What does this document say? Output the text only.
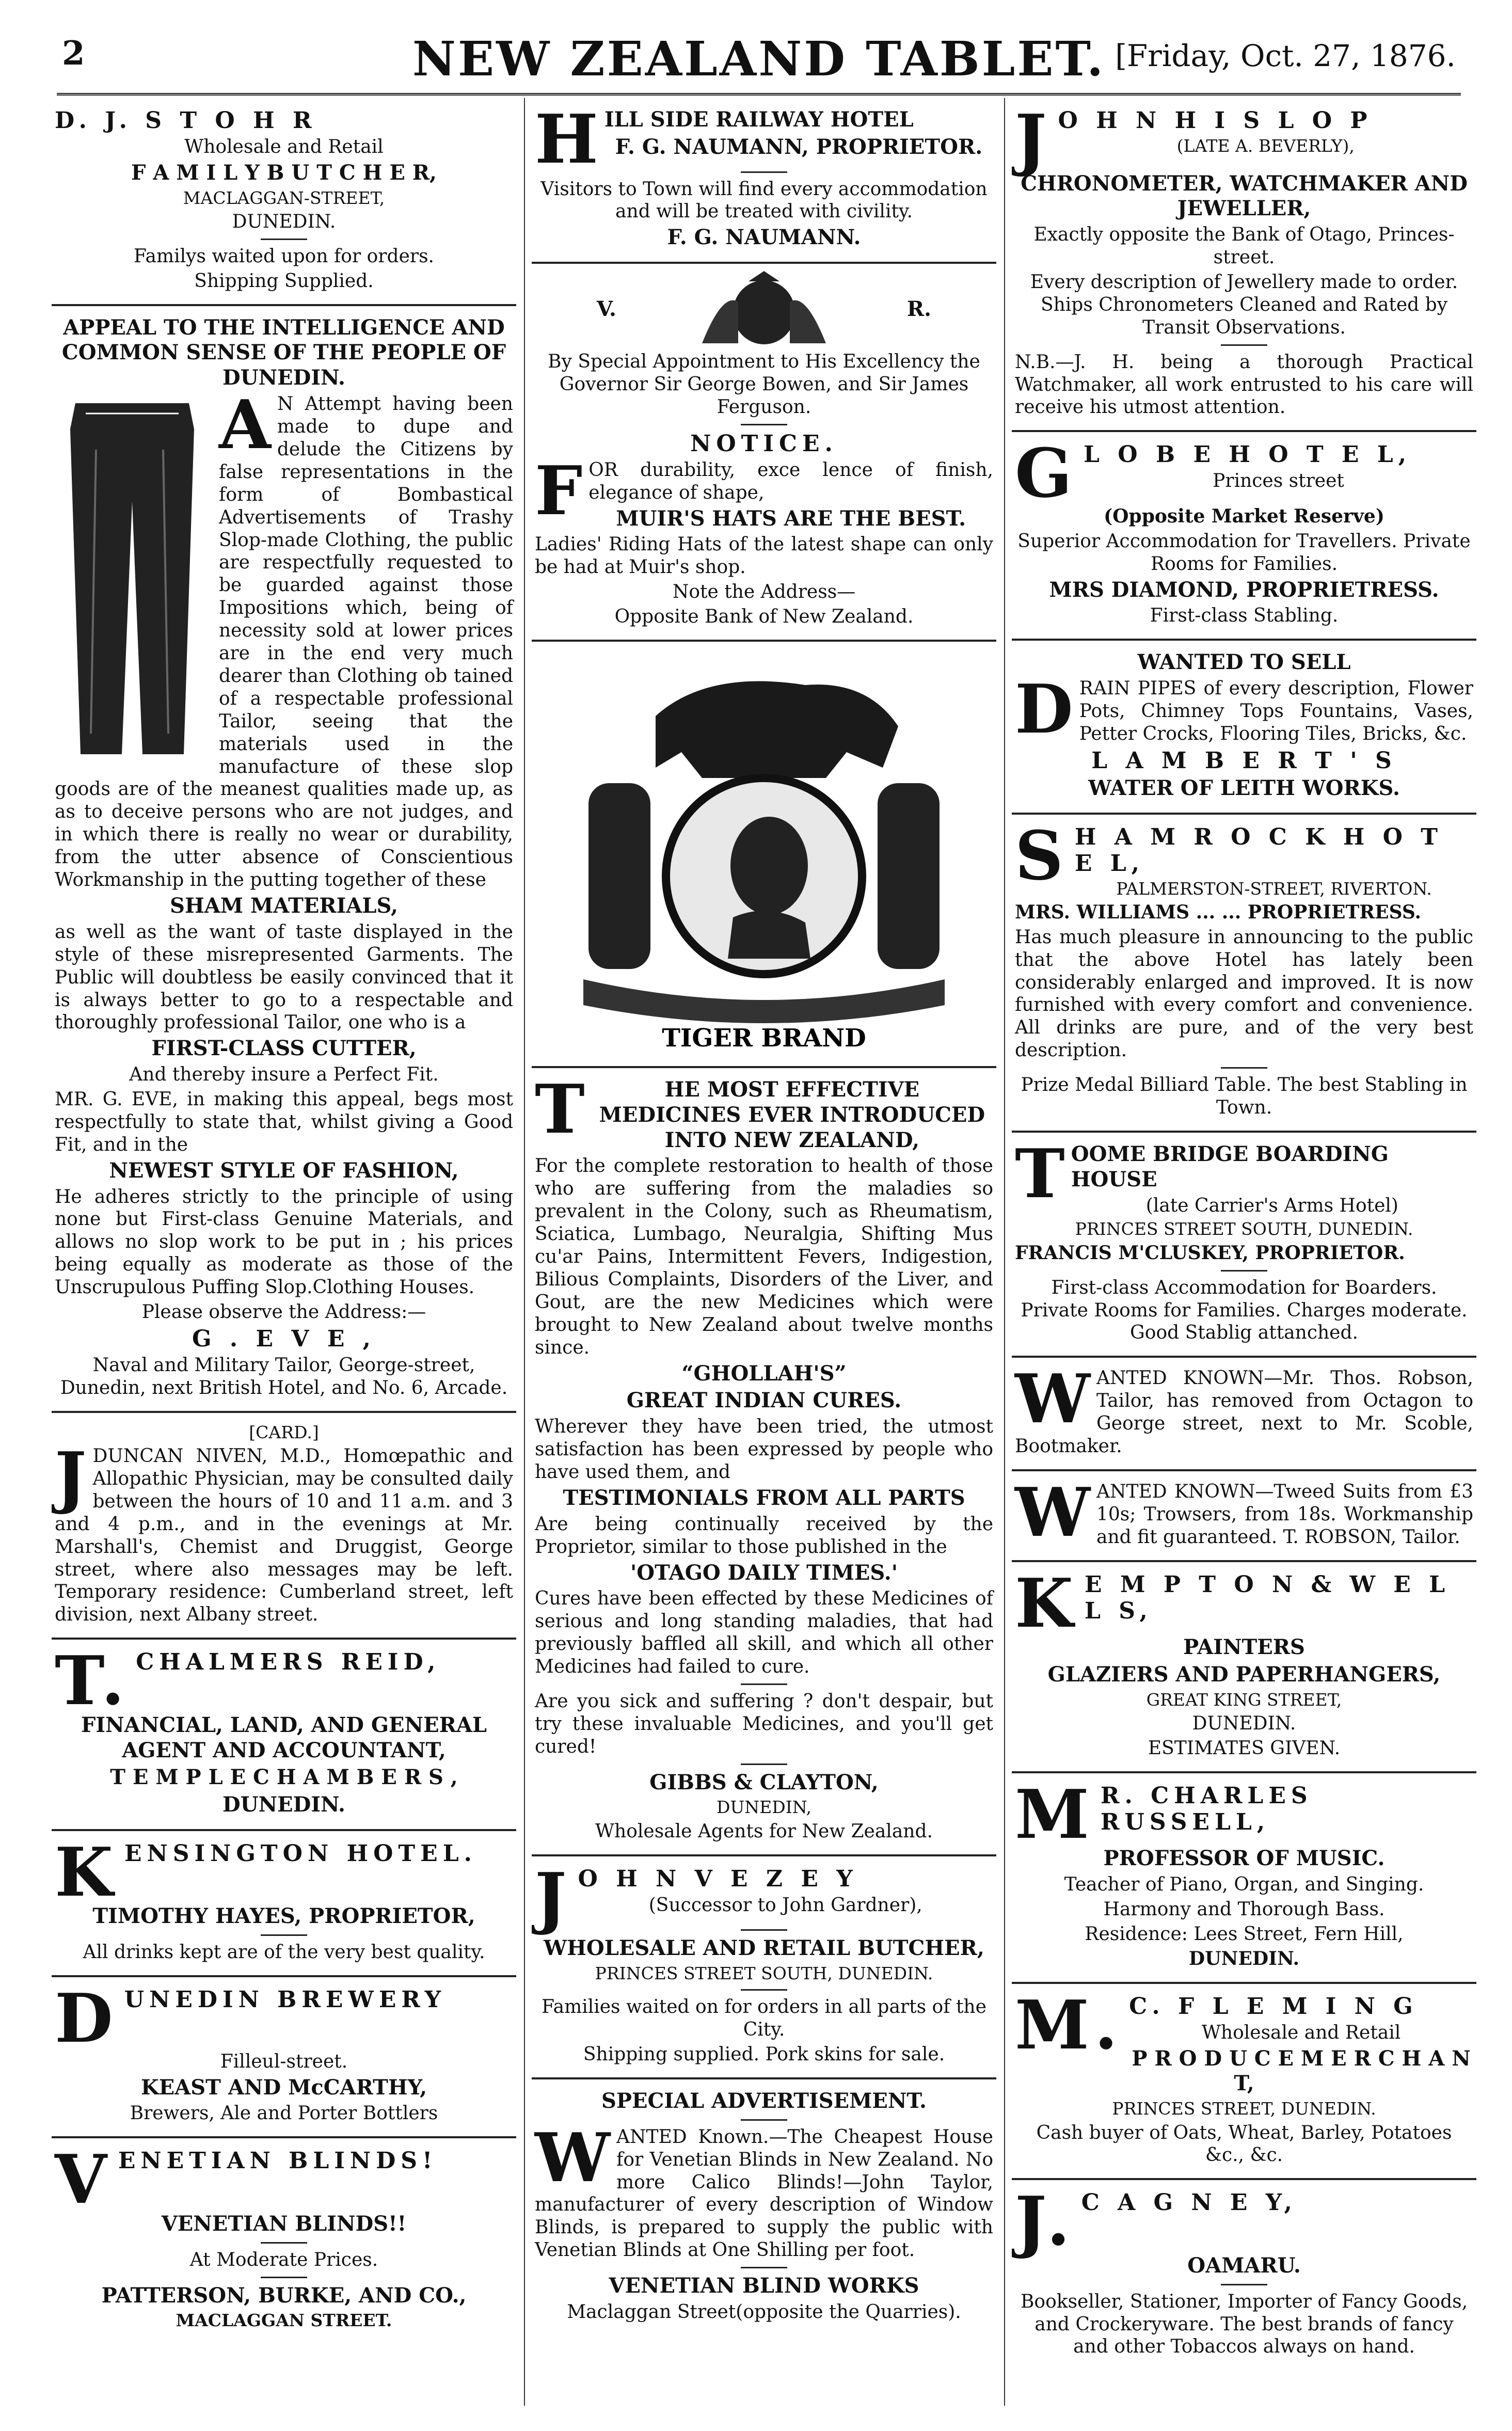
2	NEW ZEALAND TABLET. [Friday, Oct. 27, 1876.

D. J. S T O H R

Wholesale and Retail

F A M I L Y B U T C H E R,

MACLAGGAN-STREET,

DUNEDIN.

Familys waited upon for orders.

Shipping Supplied.

APPEAL TO THE INTELLIGENCE AND COMMON SENSE OF THE PEOPLE OF DUNEDIN.

A N Attempt having been made to dupe and delude the Citizens by false representations in the form of Bombastical Advertisements of Trashy Slop-made Clothing, the public are respectfully requested to be guarded against those Impositions which, being of necessity sold at lower prices are in the end very much dearer than Clothing ob tained of a respectable professional Tailor, seeing that the materials used in the manufacture of these slop goods are of the meanest qualities made up, as as to deceive persons who are not judges, and in which there is really no wear or durability, from the utter absence of Conscientious Workmanship in the putting together of these

SHAM MATERIALS,

as well as the want of taste displayed in the style of these misrepresented Garments. The Public will doubtless be easily convinced that it is always better to go to a respectable and thoroughly professional Tailor, one who is a

FIRST-CLASS CUTTER,

And thereby insure a Perfect Fit.

MR. G. EVE, in making this appeal, begs most respectfully to state that, whilst giving a Good Fit, and in the

NEWEST STYLE OF FASHION,

He adheres strictly to the principle of using none but First-class Genuine Materials, and allows no slop work to be put in ; his prices being equally as moderate as those of the Unscrupulous Puffing Slop.Clothing Houses.

Please observe the Address:—

G . E V E ,

Naval and Military Tailor, George-street, Dunedin, next British Hotel, and No. 6, Arcade.

[CARD.]

JDUNCAN NIVEN, M.D., Homœpathic and Allopathic Physician, may be consulted daily between the hours of 10 and 11 a.m. and 3 and 4 p.m., and in the evenings at Mr. Marshall's, Chemist and Druggist, George street, where also messages may be left. Temporary residence: Cumberland street, left division, next Albany street.

T. CHALMERS REID,

FINANCIAL, LAND, AND GENERAL AGENT AND ACCOUNTANT,

T E M P L E C H A M B E R S ,

DUNEDIN.

KENSINGTON HOTEL.

TIMOTHY HAYES, PROPRIETOR,

All drinks kept are of the very best quality.

DUNEDIN BREWERY

Filleul-street.

KEAST AND McCARTHY,

Brewers, Ale and Porter Bottlers

VENETIAN BLINDS!

VENETIAN BLINDS!!

At Moderate Prices.

PATTERSON, BURKE, AND CO.,

MACLAGGAN STREET.

HILL SIDE RAILWAY HOTEL

F. G. NAUMANN, PROPRIETOR.

Visitors to Town will find every accommodation and will be treated with civility.

F. G. NAUMANN.

V.	R.

By Special Appointment to His Excellency the Governor Sir George Bowen, and Sir James Ferguson.

NOTICE.

FOR durability, exce lence of finish, elegance of shape,

MUIR'S HATS ARE THE BEST.

Ladies' Riding Hats of the latest shape can only be had at Muir's shop.

Note the Address—

Opposite Bank of New Zealand.

TIGER BRAND

T	HE MOST EFFECTIVE MEDICINES EVER INTRODUCED INTO NEW ZEALAND,

For the complete restoration to health of those who are suffering from the maladies so prevalent in the Colony, such as Rheumatism, Sciatica, Lumbago, Neuralgia, Shifting Mus cu'ar Pains, Intermittent Fevers, Indigestion, Bilious Complaints, Disorders of the Liver, and Gout, are the new Medicines which were brought to New Zealand about twelve months since.

“GHOLLAH'S”

GREAT INDIAN CURES.

Wherever they have been tried, the utmost satisfaction has been expressed by people who have used them, and

TESTIMONIALS FROM ALL PARTS

Are being continually received by the Proprietor, similar to those published in the

'OTAGO DAILY TIMES.'

Cures have been effected by these Medicines of serious and long standing maladies, that had previously baffled all skill, and which all other Medicines had failed to cure.

Are you sick and suffering ? don't despair, but try these invaluable Medicines, and you'll get cured!

GIBBS & CLAYTON,

DUNEDIN,

Wholesale Agents for New Zealand.

J O H N V E Z E Y

(Successor to John Gardner),

WHOLESALE AND RETAIL BUTCHER,

PRINCES STREET SOUTH, DUNEDIN.

Families waited on for orders in all parts of the City.

Shipping supplied. Pork skins for sale.

SPECIAL ADVERTISEMENT.

WANTED Known.—The Cheapest House for Venetian Blinds in New Zealand. No more Calico Blinds!—John Taylor, manufacturer of every description of Window Blinds, is prepared to supply the public with Venetian Blinds at One Shilling per foot.

VENETIAN BLIND WORKS

Maclaggan Street(opposite the Quarries).

J O H N H I S L O P

(LATE A. BEVERLY),

CHRONOMETER, WATCHMAKER AND JEWELLER,

Exactly opposite the Bank of Otago, Princes-street.

Every description of Jewellery made to order. Ships Chronometers Cleaned and Rated by Transit Observations.

N.B.—J. H. being a thorough Practical Watchmaker, all work entrusted to his care will receive his utmost attention.

G L O B E H O T E L,

Princes street

(Opposite Market Reserve)

Superior Accommodation for Travellers. Private Rooms for Families.

MRS DIAMOND, PROPRIETRESS.

First-class Stabling.

WANTED TO SELL

DRAIN PIPES of every description, Flower Pots, Chimney Tops Fountains, Vases, Petter Crocks, Flooring Tiles, Bricks, &c.

L A M B E R T ' S

WATER OF LEITH WORKS.

S H A M R O C K H O T E L,

PALMERSTON-STREET, RIVERTON.

MRS. WILLIAMS ... ... PROPRIETRESS.

Has much pleasure in announcing to the public that the above Hotel has lately been considerably enlarged and improved. It is now furnished with every comfort and convenience. All drinks are pure, and of the very best description.

Prize Medal Billiard Table. The best Stabling in Town.

TOOME BRIDGE BOARDING HOUSE

(late Carrier's Arms Hotel)

PRINCES STREET SOUTH, DUNEDIN.

FRANCIS M'CLUSKEY, PROPRIETOR.

First-class Accommodation for Boarders. Private Rooms for Families. Charges moderate. Good Stablig attanched.

WANTED KNOWN—Mr. Thos. Robson, Tailor, has removed from Octagon to George street, next to Mr. Scoble, Bootmaker.

WANTED KNOWN—Tweed Suits from £3 10s; Trowsers, from 18s. Workmanship and fit guaranteed. T. ROBSON, Tailor.

K E M P T O N & W E L L S,

PAINTERS

GLAZIERS AND PAPERHANGERS,

GREAT KING STREET,

DUNEDIN.

ESTIMATES GIVEN.

M R. CHARLES RUSSELL,

PROFESSOR OF MUSIC.

Teacher of Piano, Organ, and Singing.

Harmony and Thorough Bass.

Residence: Lees Street, Fern Hill,

DUNEDIN.

M. C. F L E M I N G

Wholesale and Retail

P R O D U C E M E R C H A N T,

PRINCES STREET, DUNEDIN.

Cash buyer of Oats, Wheat, Barley, Potatoes &c., &c.

J. C A G N E Y,

OAMARU.

Bookseller, Stationer, Importer of Fancy Goods, and Crockeryware. The best brands of fancy and other Tobaccos always on hand.
